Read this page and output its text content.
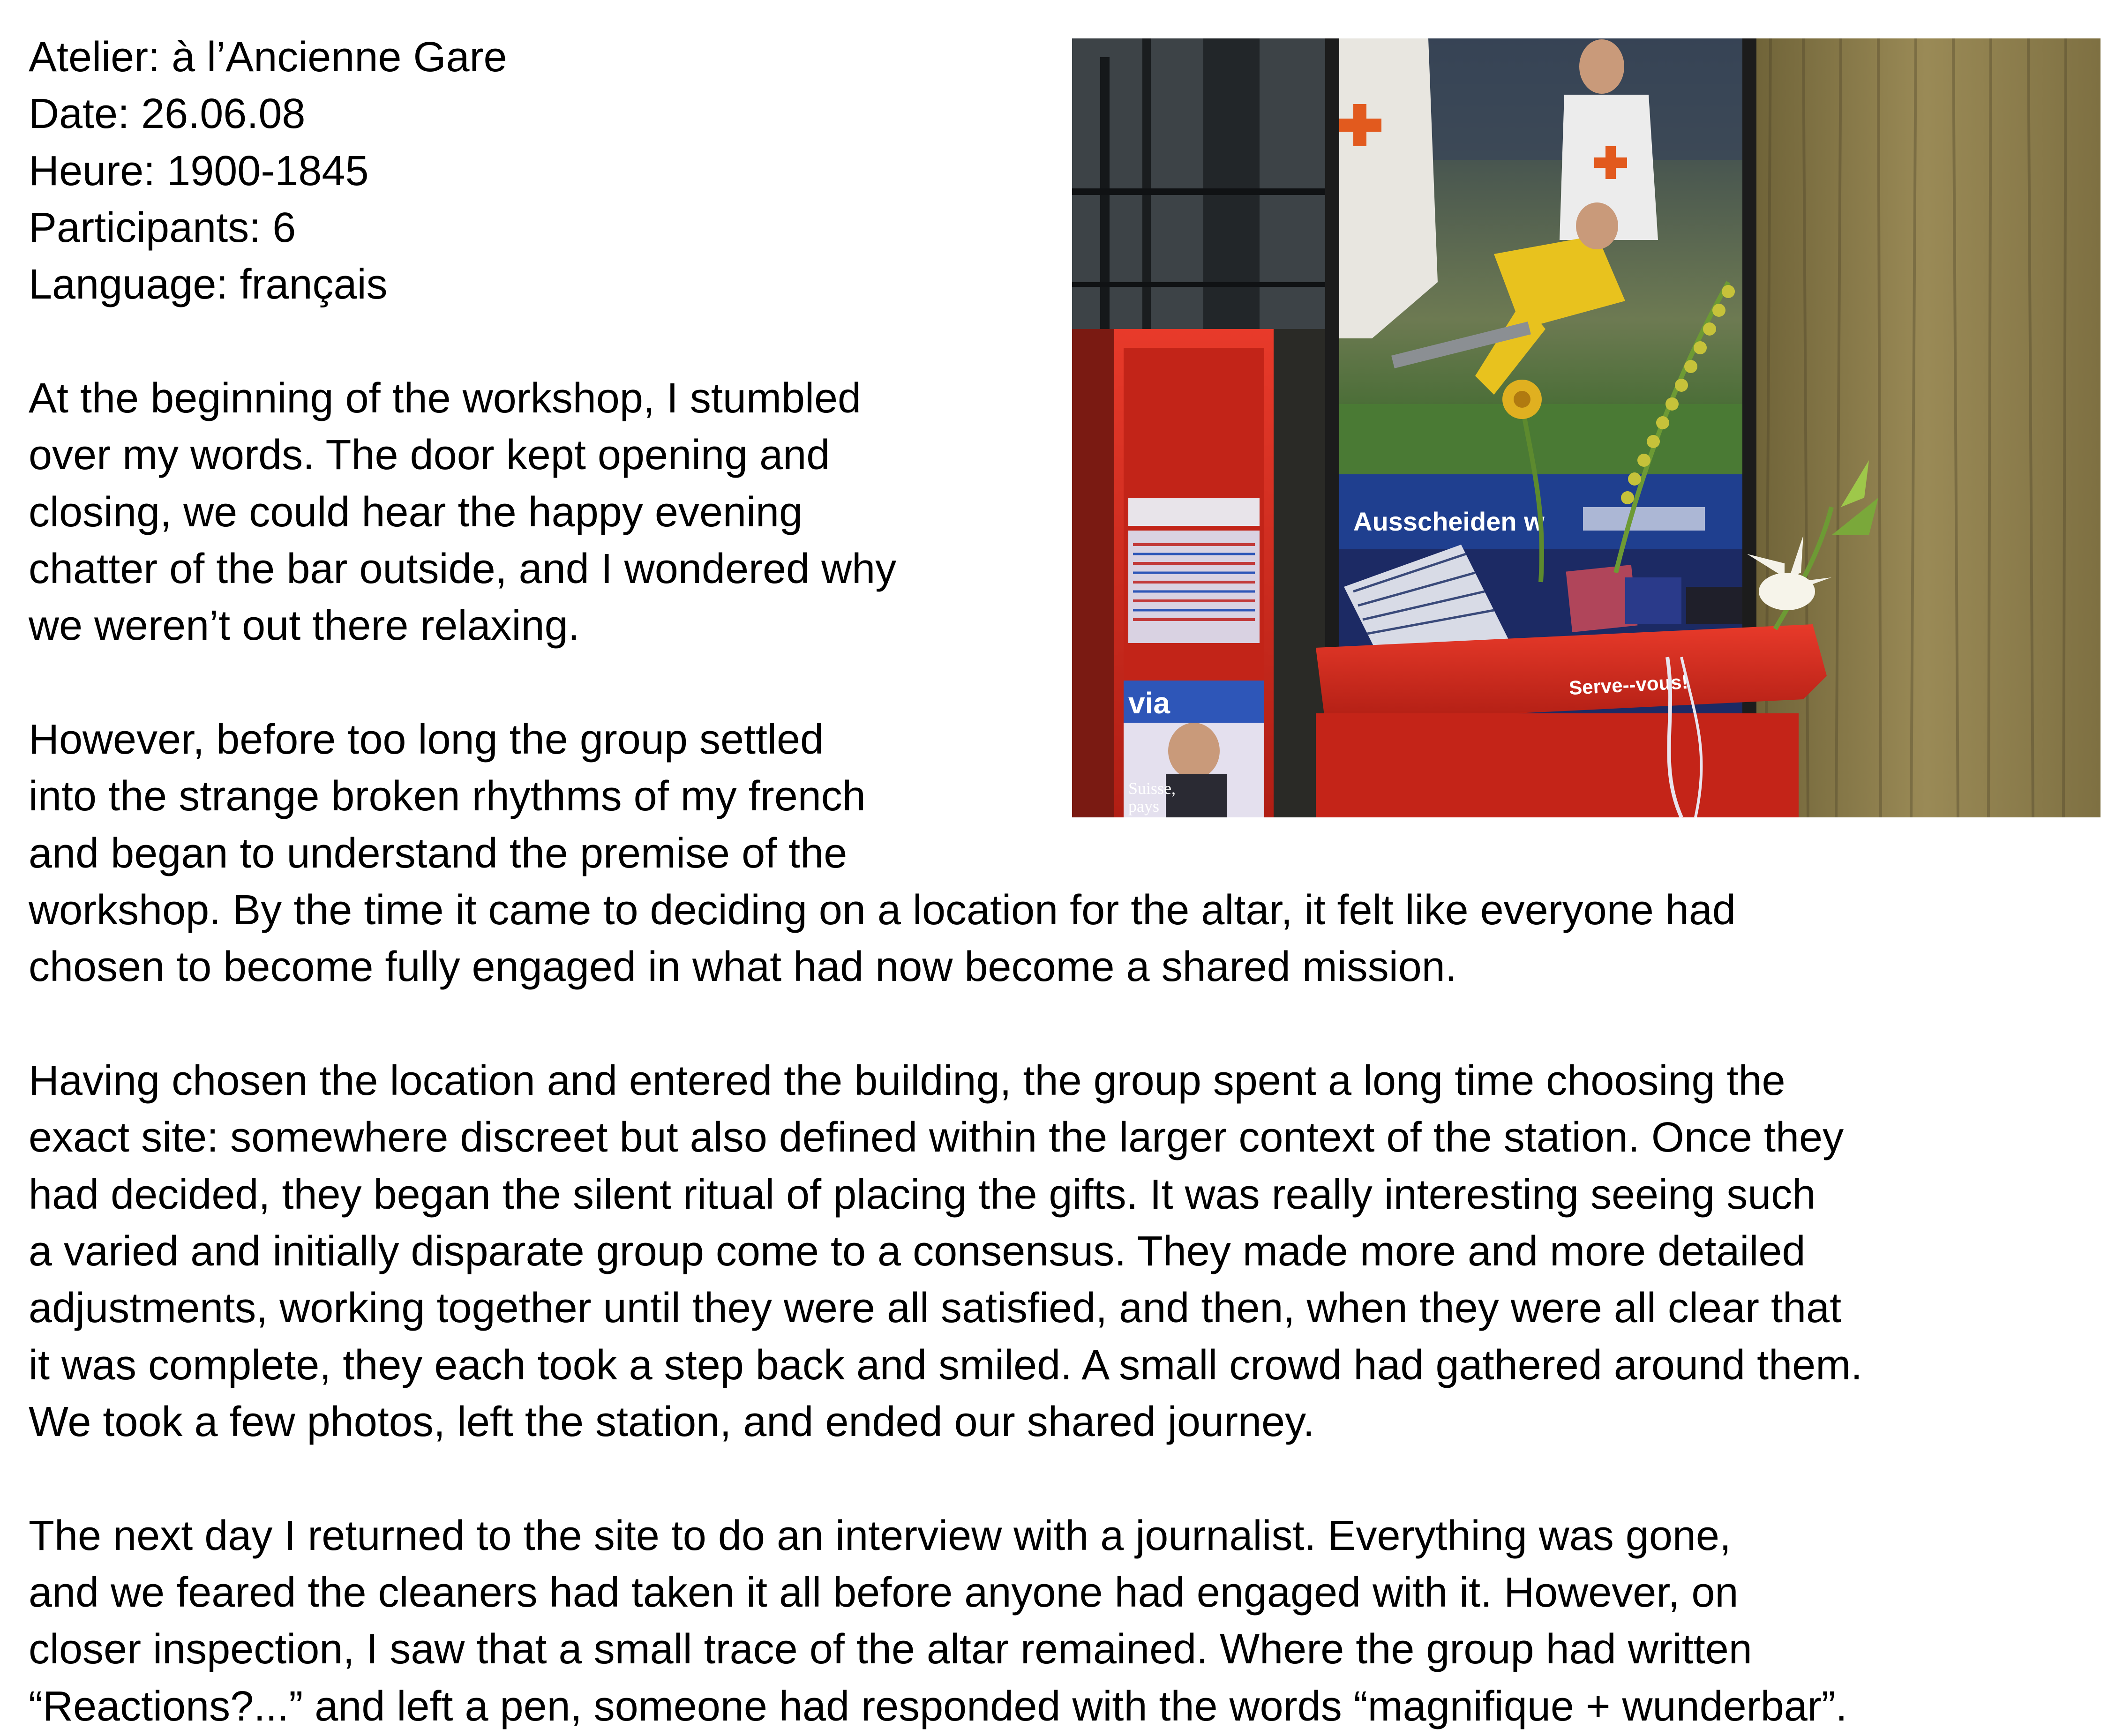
Atelier: à l’Ancienne Gare
Date: 26.06.08
Heure: 1900-1845
Participants: 6
Language: français
At the beginning of the workshop, I stumbled
over my words. The door kept opening and
closing, we could hear the happy evening
chatter of the bar outside, and I wondered why
we weren’t out there relaxing.
However, before too long the group settled
into the strange broken rhythms of my french
and began to understand the premise of the
workshop. By the time it came to deciding on a location for the altar, it felt like everyone had
chosen to become fully engaged in what had now become a shared mission.
Having chosen the location and entered the building, the group spent a long time choosing the
exact site: somewhere discreet but also defined within the larger context of the station. Once they
had decided, they began the silent ritual of placing the gifts. It was really interesting seeing such
a varied and initially disparate group come to a consensus. They made more and more detailed
adjustments, working together until they were all satisfied, and then, when they were all clear that
it was complete, they each took a step back and smiled. A small crowd had gathered around them.
We took a few photos, left the station, and ended our shared journey.
The next day I returned to the site to do an interview with a journalist. Everything was gone,
and we feared the cleaners had taken it all before anyone had engaged with it. However, on
closer inspection, I saw that a small trace of the altar remained. Where the group had written
“Reactions?...” and left a pen, someone had responded with the words “magnifique + wunderbar”.
Ausscheiden w
via
Suisse,
pays
Serve--vous!
